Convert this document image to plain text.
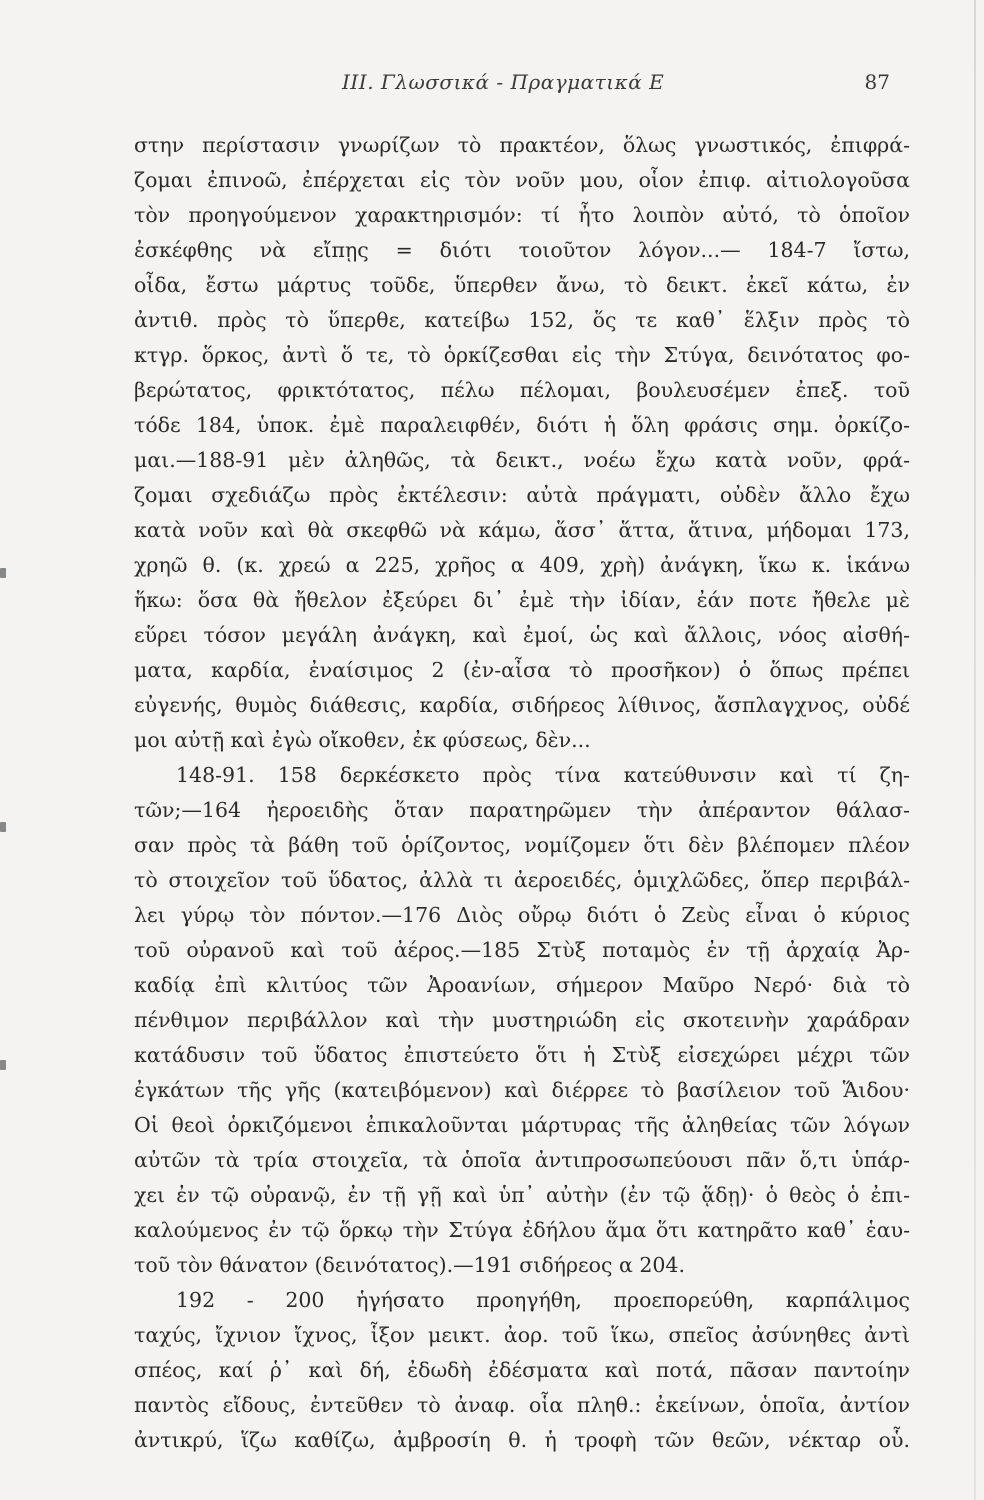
III. Γλωσσικά - Πραγματικά Ε	87
στην περίστασιν γνωρίζων τὸ πρακτέον, ὅλως γνωστικός, ἐπιφρά-
ζομαι ἐπινοῶ, ἐπέρχεται εἰς τὸν νοῦν μου, οἷον ἐπιφ. αἰτιολογοῦσα
τὸν προηγούμενον χαρακτηρισμόν: τί ἦτο λοιπὸν αὐτό, τὸ ὁποῖον
ἐσκέφθης νὰ εἴπῃς = διότι τοιοῦτον λόγον...— 184-7 ἴστω,
οἶδα, ἔστω μάρτυς τοῦδε, ὕπερθεν ἄνω, τὸ δεικτ. ἐκεῖ κάτω, ἐν
ἀντιθ. πρὸς τὸ ὕπερθε, κατείβω 152, ὅς τε καθ᾽ ἕλξιν πρὸς τὸ
κτγρ. ὅρκος, ἀντὶ ὅ τε, τὸ ὁρκίζεσθαι εἰς τὴν Στύγα, δεινότατος φο-
βερώτατος, φρικτότατος, πέλω πέλομαι, βουλευσέμεν ἐπεξ. τοῦ
τόδε 184, ὑποκ. ἐμὲ παραλειφθέν, διότι ἡ ὅλη φράσις σημ. ὀρκίζο-
μαι.—188-91 μὲν ἀληθῶς, τὰ δεικτ., νοέω ἔχω κατὰ νοῦν, φρά-
ζομαι σχεδιάζω πρὸς ἐκτέλεσιν: αὐτὰ πράγματι, οὐδὲν ἄλλο ἔχω
κατὰ νοῦν καὶ θὰ σκεφθῶ νὰ κάμω, ἅσσ᾽ ἅττα, ἅτινα, μήδομαι 173,
χρηῶ θ. (κ. χρεώ α 225, χρῆος α 409, χρὴ) ἀνάγκη, ἵκω κ. ἱκάνω
ἥκω: ὅσα θὰ ἤθελον ἐξεύρει δι᾽ ἐμὲ τὴν ἰδίαν, ἐάν ποτε ἤθελε μὲ
εὕρει τόσον μεγάλη ἀνάγκη, καὶ ἐμοί, ὡς καὶ ἄλλοις, νόος αἰσθή-
ματα, καρδία, ἐναίσιμος 2 (ἐν-αἶσα τὸ προσῆκον) ὁ ὅπως πρέπει
εὐγενής, θυμὸς διάθεσις, καρδία, σιδήρεος λίθινος, ἄσπλαγχνος, οὐδέ
μοι αὐτῇ καὶ ἐγὼ οἴκοθεν, ἐκ φύσεως, δὲν...
148-91. 158 δερκέσκετο πρὸς τίνα κατεύθυνσιν καὶ τί ζη-
τῶν;—164 ἠεροειδὴς ὅταν παρατηρῶμεν τὴν ἀπέραντον θάλασ-
σαν πρὸς τὰ βάθη τοῦ ὁρίζοντος, νομίζομεν ὅτι δὲν βλέπομεν πλέον
τὸ στοιχεῖον τοῦ ὕδατος, ἀλλὰ τι ἀεροειδές, ὁμιχλῶδες, ὅπερ περιβάλ-
λει γύρῳ τὸν πόντον.—176 Διὸς οὔρῳ διότι ὁ Ζεὺς εἶναι ὁ κύριος
τοῦ οὐρανοῦ καὶ τοῦ ἀέρος.—185 Στὺξ ποταμὸς ἐν τῇ ἀρχαίᾳ Ἀρ-
καδίᾳ ἐπὶ κλιτύος τῶν Ἀροανίων, σήμερον Μαῦρο Νερό· διὰ τὸ
πένθιμον περιβάλλον καὶ τὴν μυστηριώδη εἰς σκοτεινὴν χαράδραν
κατάδυσιν τοῦ ὕδατος ἐπιστεύετο ὅτι ἡ Στὺξ εἰσεχώρει μέχρι τῶν
ἐγκάτων τῆς γῆς (κατειβόμενον) καὶ διέρρεε τὸ βασίλειον τοῦ Ἅιδου·
Οἱ θεοὶ ὁρκιζόμενοι ἐπικαλοῦνται μάρτυρας τῆς ἀληθείας τῶν λόγων
αὐτῶν τὰ τρία στοιχεῖα, τὰ ὁποῖα ἀντιπροσωπεύουσι πᾶν ὅ,τι ὑπάρ-
χει ἐν τῷ οὐρανῷ, ἐν τῇ γῇ καὶ ὑπ᾽ αὐτὴν (ἐν τῷ ᾅδῃ)· ὁ θεὸς ὁ ἐπι-
καλούμενος ἐν τῷ ὅρκῳ τὴν Στύγα ἐδήλου ἅμα ὅτι κατηρᾶτο καθ᾽ ἑαυ-
τοῦ τὸν θάνατον (δεινότατος).—191 σιδήρεος α 204.
192 - 200 ἡγήσατο προηγήθη, προεπορεύθη, καρπάλιμος
ταχύς, ἴχνιον ἴχνος, ἷξον μεικτ. ἀορ. τοῦ ἵκω, σπεῖος ἀσύνηθες ἀντὶ
σπέος, καί ῥ᾽ καὶ δή, ἐδωδὴ ἐδέσματα καὶ ποτά, πᾶσαν παντοίην
παντὸς εἴδους, ἐντεῦθεν τὸ ἀναφ. οἷα πληθ.: ἐκείνων, ὁποῖα, ἀντίον
ἀντικρύ, ἵζω καθίζω, ἀμβροσίη θ. ἡ τροφὴ τῶν θεῶν, νέκταρ οὗ.
